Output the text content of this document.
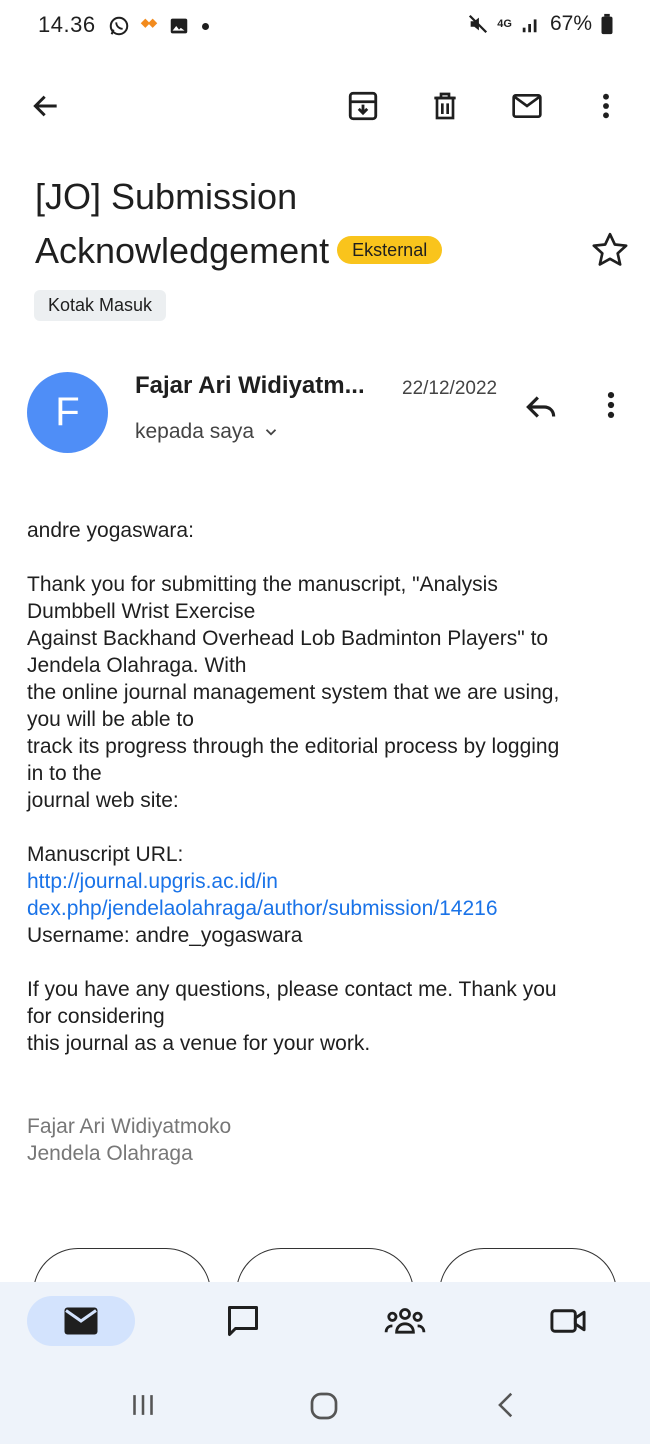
14.36	4G 67%
[JO] Submission
Acknowledgement Eksternal
Kotak Masuk
F
Fajar Ari Widiyatm... 22/12/2022
kepada saya

andre yogaswara:

Thank you for submitting the manuscript, "Analysis

Dumbbell Wrist Exercise

Against Backhand Overhead Lob Badminton Players" to

Jendela Olahraga. With

the online journal management system that we are using,

you will be able to

track its progress through the editorial process by logging

in to the

journal web site:

Manuscript URL:

http://journal.upgris.ac.id/in

dex.php/jendelaolahraga/author/submission/14216

Username: andre_yogaswara

If you have any questions, please contact me. Thank you

for considering

this journal as a venue for your work.

Fajar Ari Widiyatmoko

Jendela Olahraga
